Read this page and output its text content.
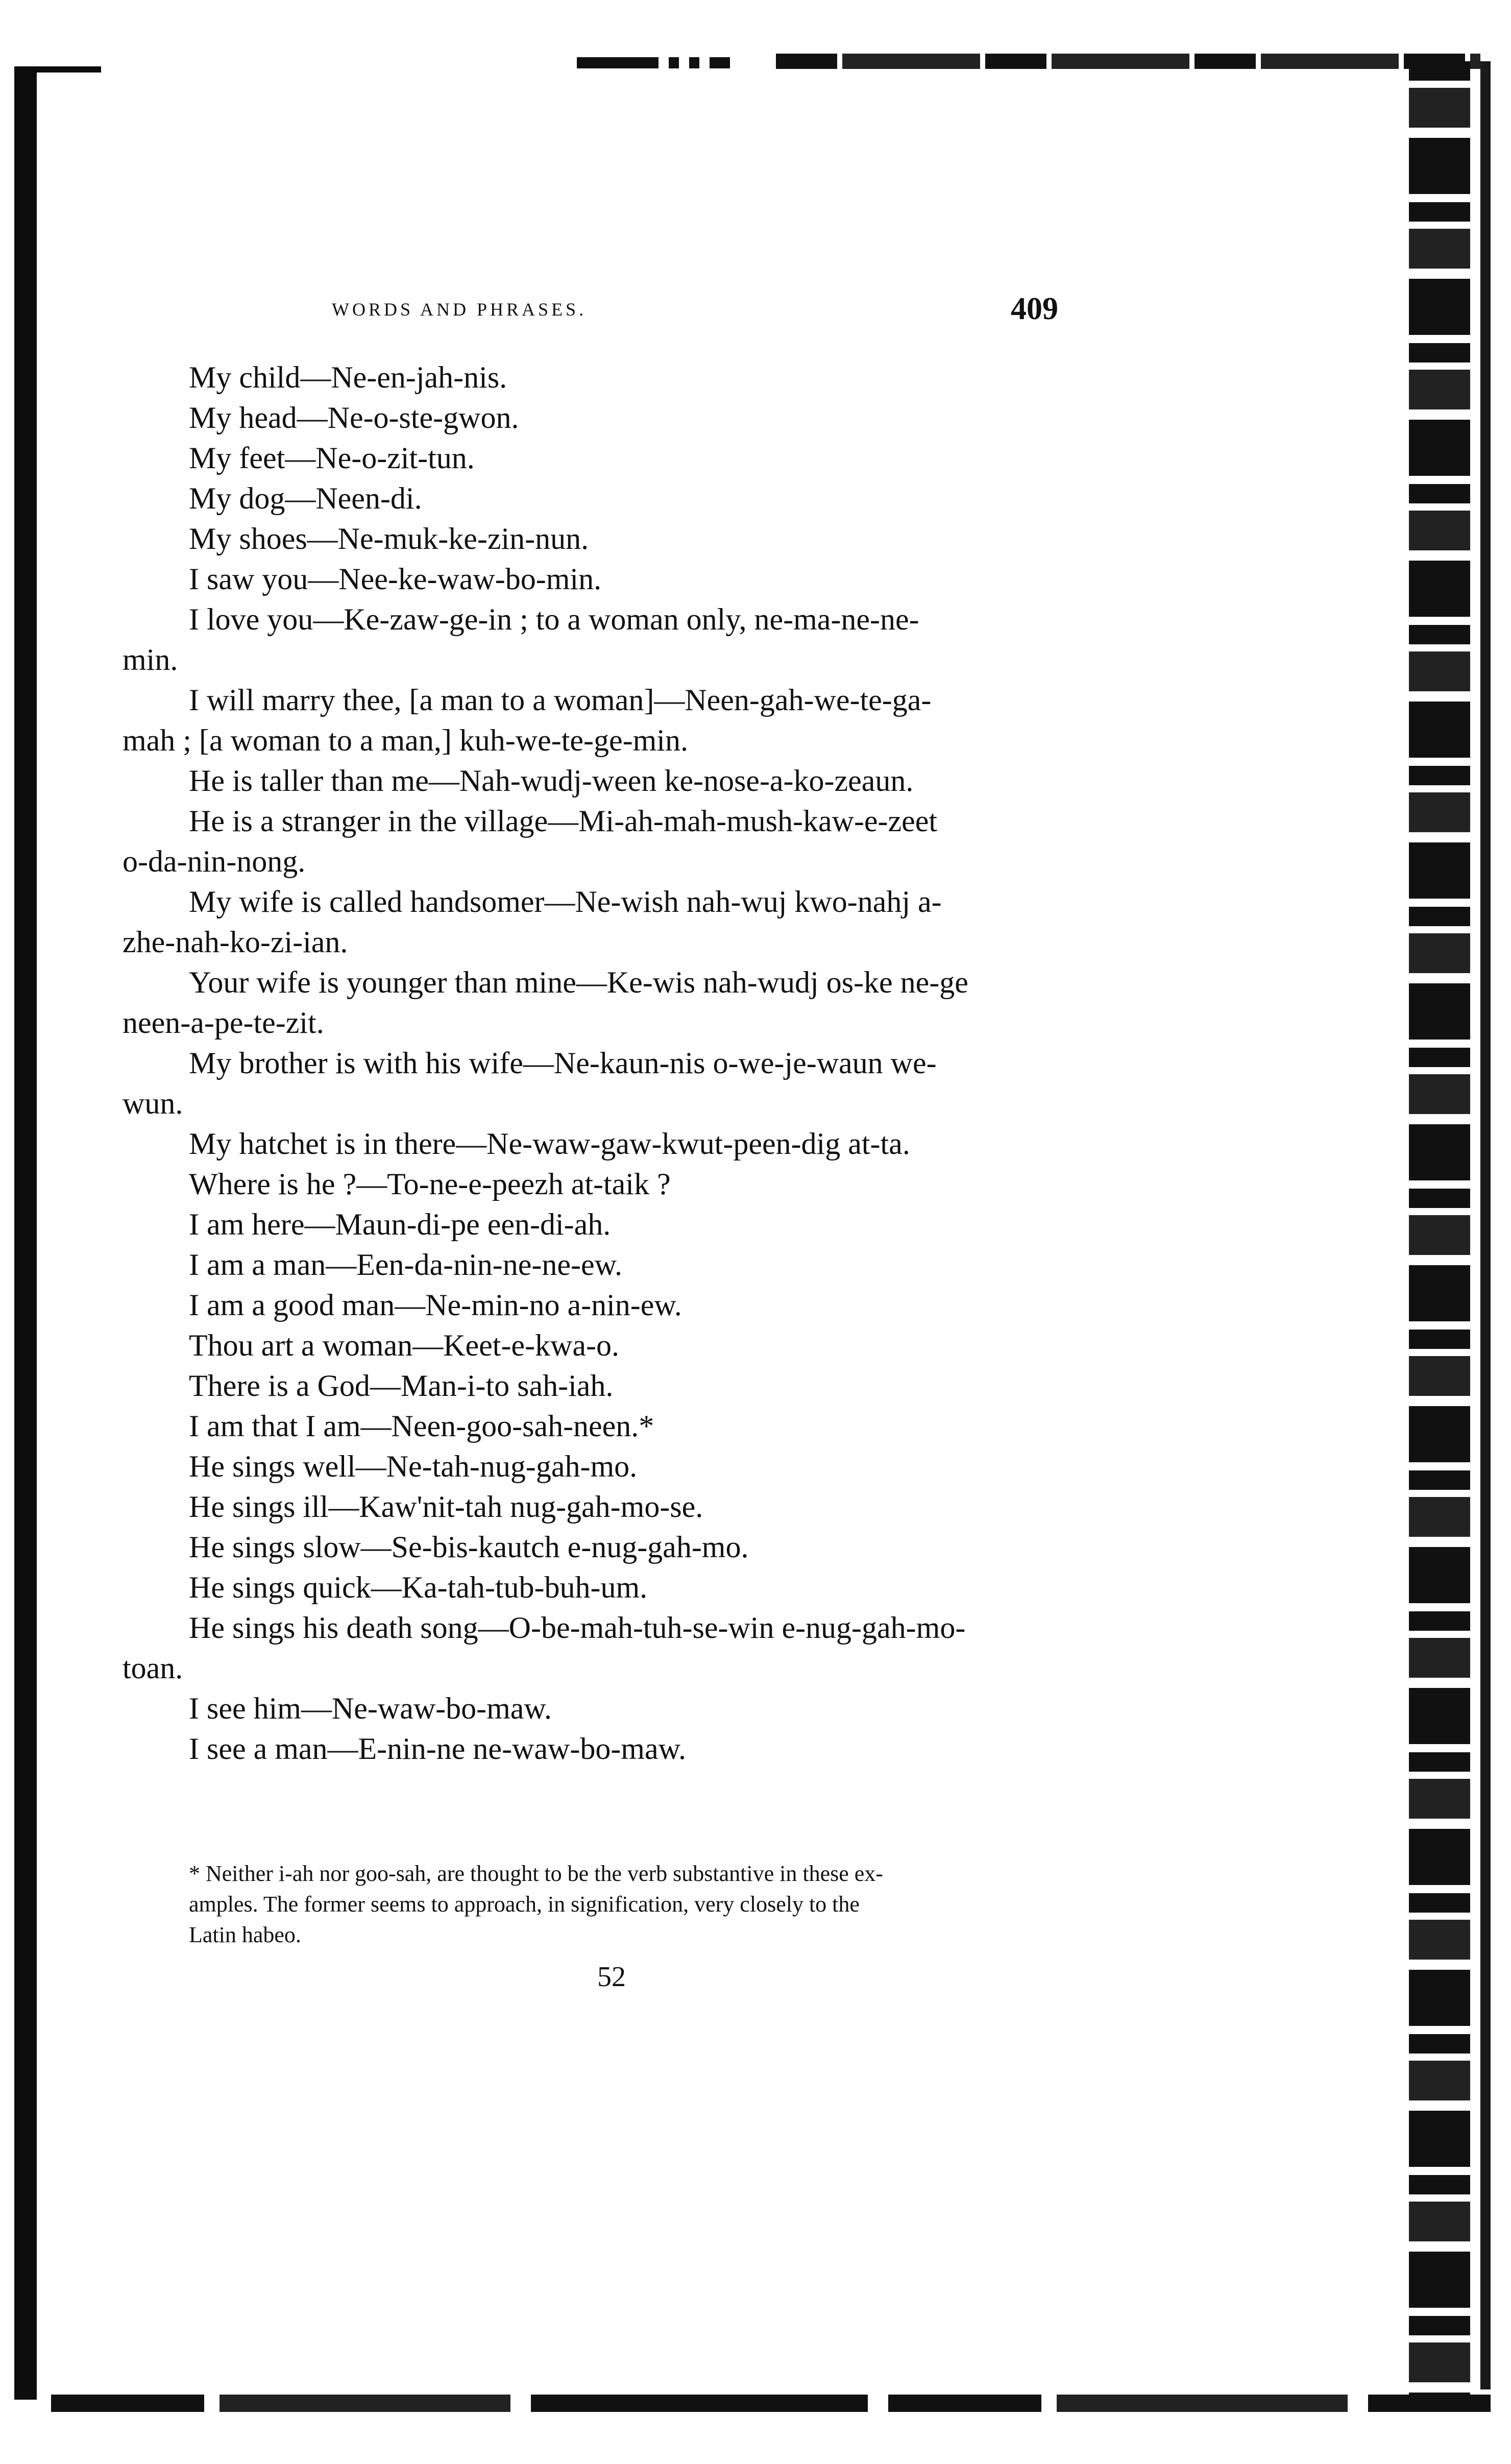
WORDS AND PHRASES.	409
My child—Ne-en-jah-nis.
My head—Ne-o-ste-gwon.
My feet—Ne-o-zit-tun.
My dog—Neen-di.
My shoes—Ne-muk-ke-zin-nun.
I saw you—Nee-ke-waw-bo-min.
I love you—Ke-zaw-ge-in ; to a woman only, ne-ma-ne-ne-
min.
I will marry thee, [a man to a woman]—Neen-gah-we-te-ga-
mah ; [a woman to a man,] kuh-we-te-ge-min.
He is taller than me—Nah-wudj-ween ke-nose-a-ko-zeaun.
He is a stranger in the village—Mi-ah-mah-mush-kaw-e-zeet
o-da-nin-nong.
My wife is called handsomer—Ne-wish nah-wuj kwo-nahj a-
zhe-nah-ko-zi-ian.
Your wife is younger than mine—Ke-wis nah-wudj os-ke ne-ge
neen-a-pe-te-zit.
My brother is with his wife—Ne-kaun-nis o-we-je-waun we-
wun.
My hatchet is in there—Ne-waw-gaw-kwut-peen-dig at-ta.
Where is he ?—To-ne-e-peezh at-taik ?
I am here—Maun-di-pe een-di-ah.
I am a man—Een-da-nin-ne-ne-ew.
I am a good man—Ne-min-no a-nin-ew.
Thou art a woman—Keet-e-kwa-o.
There is a God—Man-i-to sah-iah.
I am that I am—Neen-goo-sah-neen.*
He sings well—Ne-tah-nug-gah-mo.
He sings ill—Kaw'nit-tah nug-gah-mo-se.
He sings slow—Se-bis-kautch e-nug-gah-mo.
He sings quick—Ka-tah-tub-buh-um.
He sings his death song—O-be-mah-tuh-se-win e-nug-gah-mo-
toan.
I see him—Ne-waw-bo-maw.
I see a man—E-nin-ne ne-waw-bo-maw.
* Neither i-ah nor goo-sah, are thought to be the verb substantive in these ex-
amples. The former seems to approach, in signification, very closely to the
Latin habeo.
52
